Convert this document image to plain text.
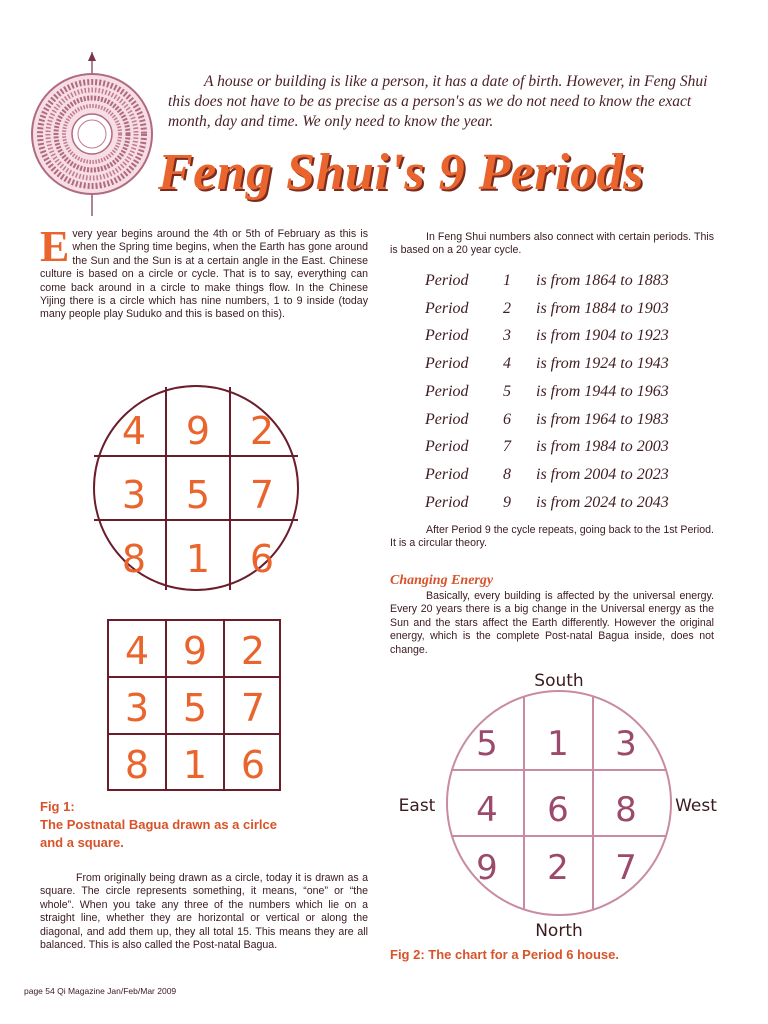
A house or building is like a person, it has a date of birth. However, in Feng Shui this does not have to be as precise as a person's as we do not need to know the exact month, day and time. We only need to know the year.
Feng Shui's 9 Periods
E very year begins around the 4th or 5th of February as this is when the Spring time begins, when the Earth has gone around the Sun and the Sun is at a certain angle in the East. Chinese culture is based on a circle or cycle. That is to say, everything can come back around in a circle to make things flow. In the Chinese Yijing there is a circle which has nine numbers, 1 to 9 inside (today many people play Suduko and this is based on this).
4 9 2
3 5 7
8 1 6
4 9 2
3 5 7
8 1 6
Fig 1:
The Postnatal Bagua drawn as a cirlce and a square.
From originally being drawn as a circle, today it is drawn as a square. The circle represents something, it means, “one” or “the whole”. When you take any three of the numbers which lie on a straight line, whether they are horizontal or vertical or along the diagonal, and add them up, they all total 15. This means they are all balanced. This is also called the Post-natal Bagua.
In Feng Shui numbers also connect with certain periods. This is based on a 20 year cycle.
Period 1 is from 1864 to 1883
Period 2 is from 1884 to 1903
Period 3 is from 1904 to 1923
Period 4 is from 1924 to 1943
Period 5 is from 1944 to 1963
Period 6 is from 1964 to 1983
Period 7 is from 1984 to 2003
Period 8 is from 2004 to 2023
Period 9 is from 2024 to 2043
After Period 9 the cycle repeats, going back to the 1st Period. It is a circular theory.
Changing Energy
Basically, every building is affected by the universal energy. Every 20 years there is a big change in the Universal energy as the Sun and the stars affect the Earth differently. However the original energy, which is the complete Post-natal Bagua inside, does not change.
South
North
East	West
5 1 3
4 6 8
9 2 7
Fig 2: The chart for a Period 6 house.
page 54 Qi Magazine Jan/Feb/Mar 2009
